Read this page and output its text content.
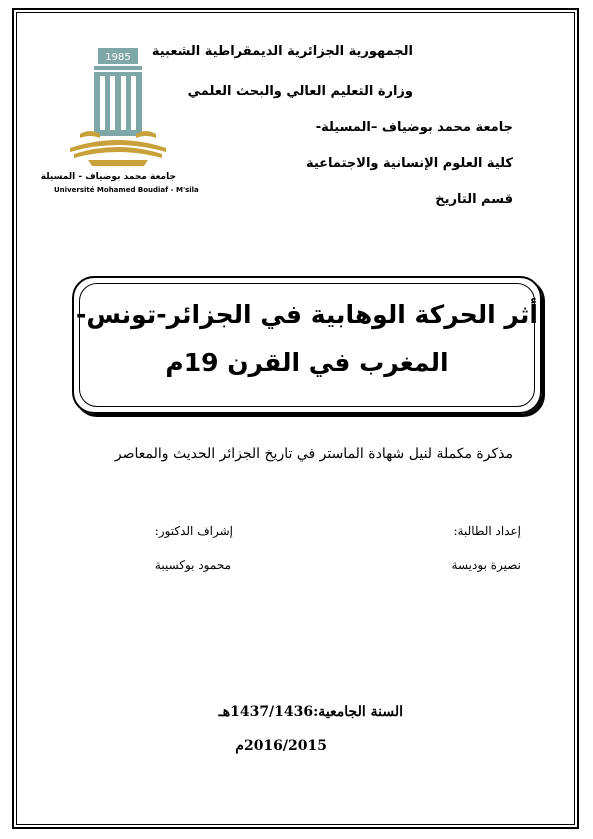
1985
جامعة محمد بوضياف - المسيلة
Université Mohamed Boudiaf - M'sila
الجمهورية الجزائرية الديمقراطية الشعبية
وزارة التعليم العالي والبحث العلمي
جامعة محمد بوضياف –المسيلة-
كلية العلوم الإنسانية والاجتماعية
قسم التاريخ
أثر الحركة الوهابية في الجزائر-تونس-
المغرب في القرن 19م
مذكرة مكملة لنيل شهادة الماستر في تاريخ الجزائر الحديث والمعاصر
إعداد الطالبة:
نصيرة بوديسة
إشراف الدكتور:
محمود بوكسيبة
السنة الجامعية:1437/1436هـ
2016/2015م
